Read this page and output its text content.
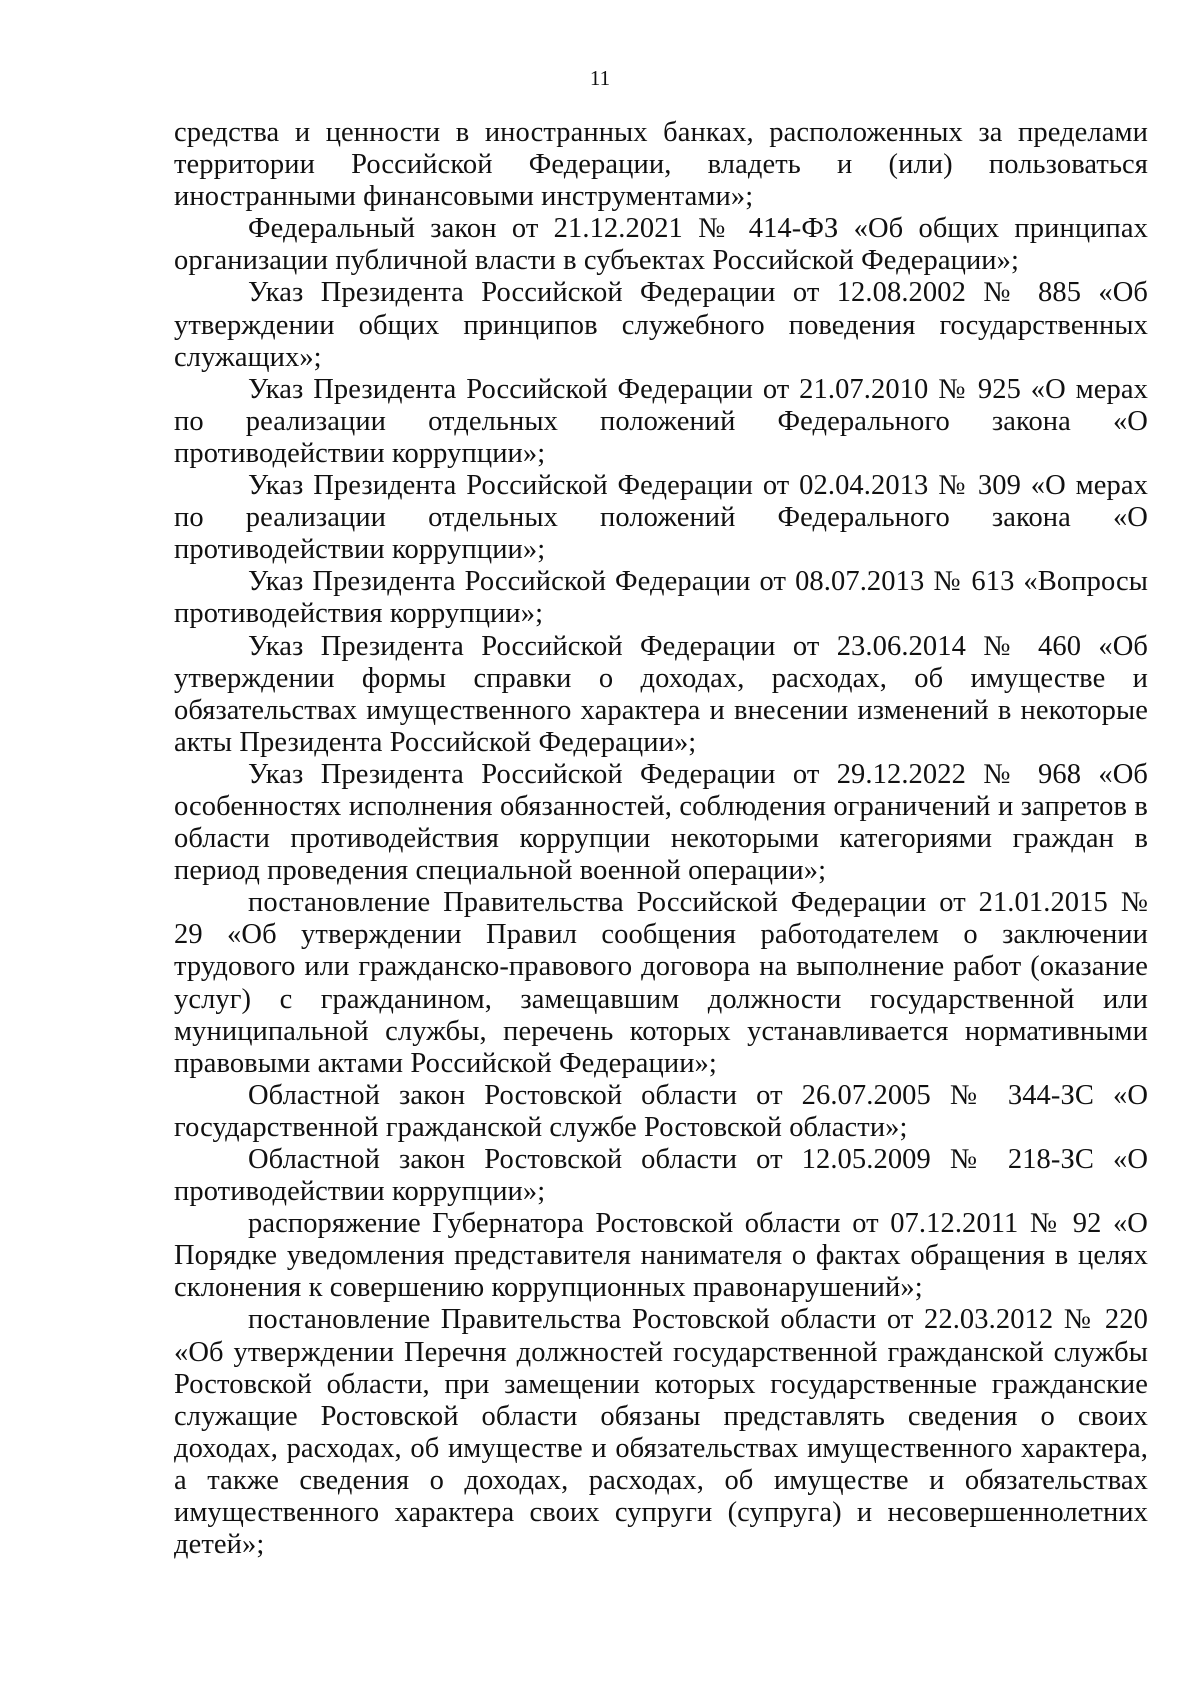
11

средства и ценности в иностранных банках, расположенных за пределами территории Российской Федерации, владеть и (или) пользоваться иностранными финансовыми инструментами»;

Федеральный закон от 21.12.2021 № 414-ФЗ «Об общих принципах организации публичной власти в субъектах Российской Федерации»;

Указ Президента Российской Федерации от 12.08.2002 № 885 «Об утверждении общих принципов служебного поведения государственных служащих»;

Указ Президента Российской Федерации от 21.07.2010 № 925 «О мерах по реализации отдельных положений Федерального закона «О противодействии коррупции»;

Указ Президента Российской Федерации от 02.04.2013 № 309 «О мерах по реализации отдельных положений Федерального закона «О противодействии коррупции»;

Указ Президента Российской Федерации от 08.07.2013 № 613 «Вопросы противодействия коррупции»;

Указ Президента Российской Федерации от 23.06.2014 № 460 «Об утверждении формы справки о доходах, расходах, об имуществе и обязательствах имущественного характера и внесении изменений в некоторые акты Президента Российской Федерации»;

Указ Президента Российской Федерации от 29.12.2022 № 968 «Об особенностях исполнения обязанностей, соблюдения ограничений и запретов в области противодействия коррупции некоторыми категориями граждан в период проведения специальной военной операции»;

постановление Правительства Российской Федерации от 21.01.2015 № 29 «Об утверждении Правил сообщения работодателем о заключении трудового или гражданско-правового договора на выполнение работ (оказание услуг) с гражданином, замещавшим должности государственной или муниципальной службы, перечень которых устанавливается нормативными правовыми актами Российской Федерации»;

Областной закон Ростовской области от 26.07.2005 № 344-ЗС «О государственной гражданской службе Ростовской области»;

Областной закон Ростовской области от 12.05.2009 № 218-ЗС «О противодействии коррупции»;

распоряжение Губернатора Ростовской области от 07.12.2011 № 92 «О Порядке уведомления представителя нанимателя о фактах обращения в целях склонения к совершению коррупционных правонарушений»;

постановление Правительства Ростовской области от 22.03.2012 № 220 «Об утверждении Перечня должностей государственной гражданской службы Ростовской области, при замещении которых государственные гражданские служащие Ростовской области обязаны представлять сведения о своих доходах, расходах, об имуществе и обязательствах имущественного характера, а также сведения о доходах, расходах, об имуществе и обязательствах имущественного характера своих супруги (супруга) и несовершеннолетних детей»;
